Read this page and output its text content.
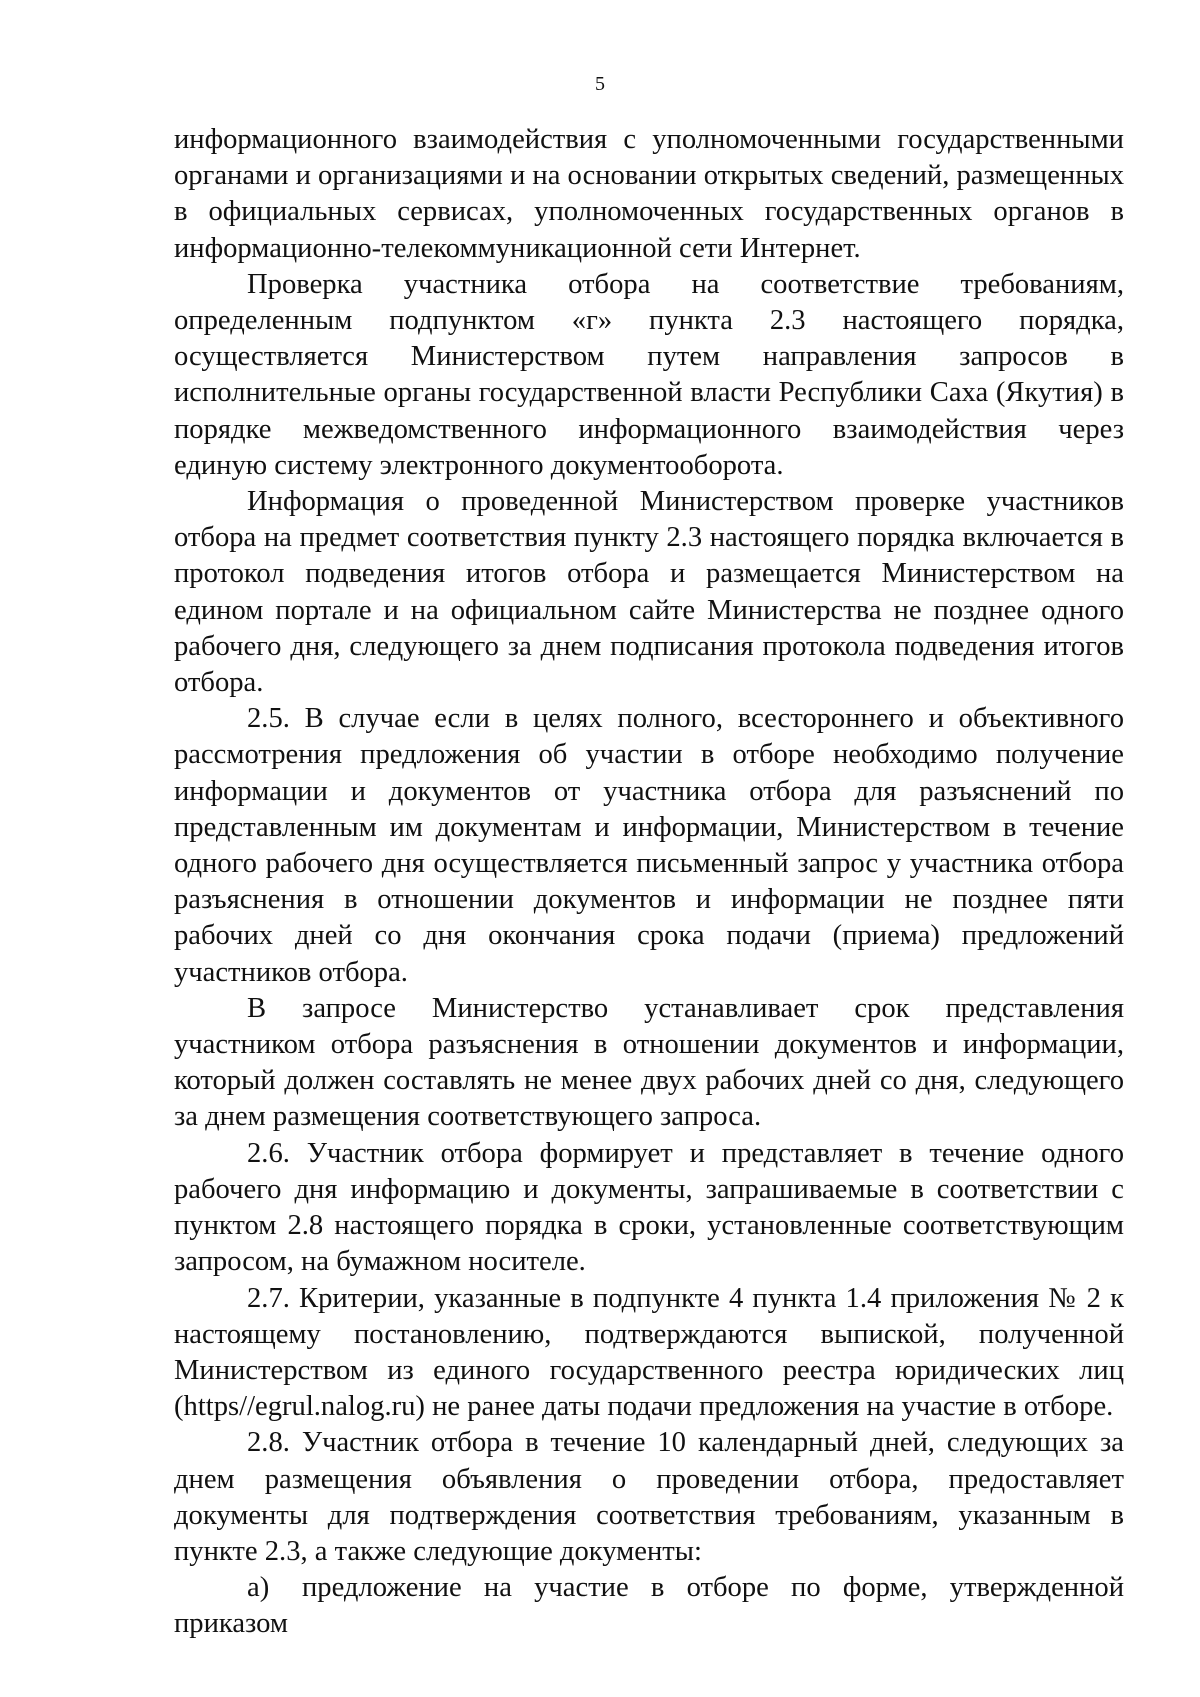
5

информационного взаимодействия с уполномоченными государственными органами и организациями и на основании открытых сведений, размещенных в официальных сервисах, уполномоченных государственных органов в информационно-телекоммуникационной сети Интернет.

Проверка участника отбора на соответствие требованиям, определенным подпунктом «г» пункта 2.3 настоящего порядка, осуществляется Министерством путем направления запросов в исполнительные органы государственной власти Республики Саха (Якутия) в порядке межведомственного информационного взаимодействия через единую систему электронного документооборота.

Информация о проведенной Министерством проверке участников отбора на предмет соответствия пункту 2.3 настоящего порядка включается в протокол подведения итогов отбора и размещается Министерством на едином портале и на официальном сайте Министерства не позднее одного рабочего дня, следующего за днем подписания протокола подведения итогов отбора.

2.5. В случае если в целях полного, всестороннего и объективного рассмотрения предложения об участии в отборе необходимо получение информации и документов от участника отбора для разъяснений по представленным им документам и информации, Министерством в течение одного рабочего дня осуществляется письменный запрос у участника отбора разъяснения в отношении документов и информации не позднее пяти рабочих дней со дня окончания срока подачи (приема) предложений участников отбора.

В запросе Министерство устанавливает срок представления участником отбора разъяснения в отношении документов и информации, который должен составлять не менее двух рабочих дней со дня, следующего за днем размещения соответствующего запроса.

2.6. Участник отбора формирует и представляет в течение одного рабочего дня информацию и документы, запрашиваемые в соответствии с пунктом 2.8 настоящего порядка в сроки, установленные соответствующим запросом, на бумажном носителе.

2.7. Критерии, указанные в подпункте 4 пункта 1.4 приложения № 2 к настоящему постановлению, подтверждаются выпиской, полученной Министерством из единого государственного реестра юридических лиц (https//egrul.nalog.ru) не ранее даты подачи предложения на участие в отборе.

2.8. Участник отбора в течение 10 календарный дней, следующих за днем размещения объявления о проведении отбора, предоставляет документы для подтверждения соответствия требованиям, указанным в пункте 2.3, а также следующие документы:

а) предложение на участие в отборе по форме, утвержденной приказом
